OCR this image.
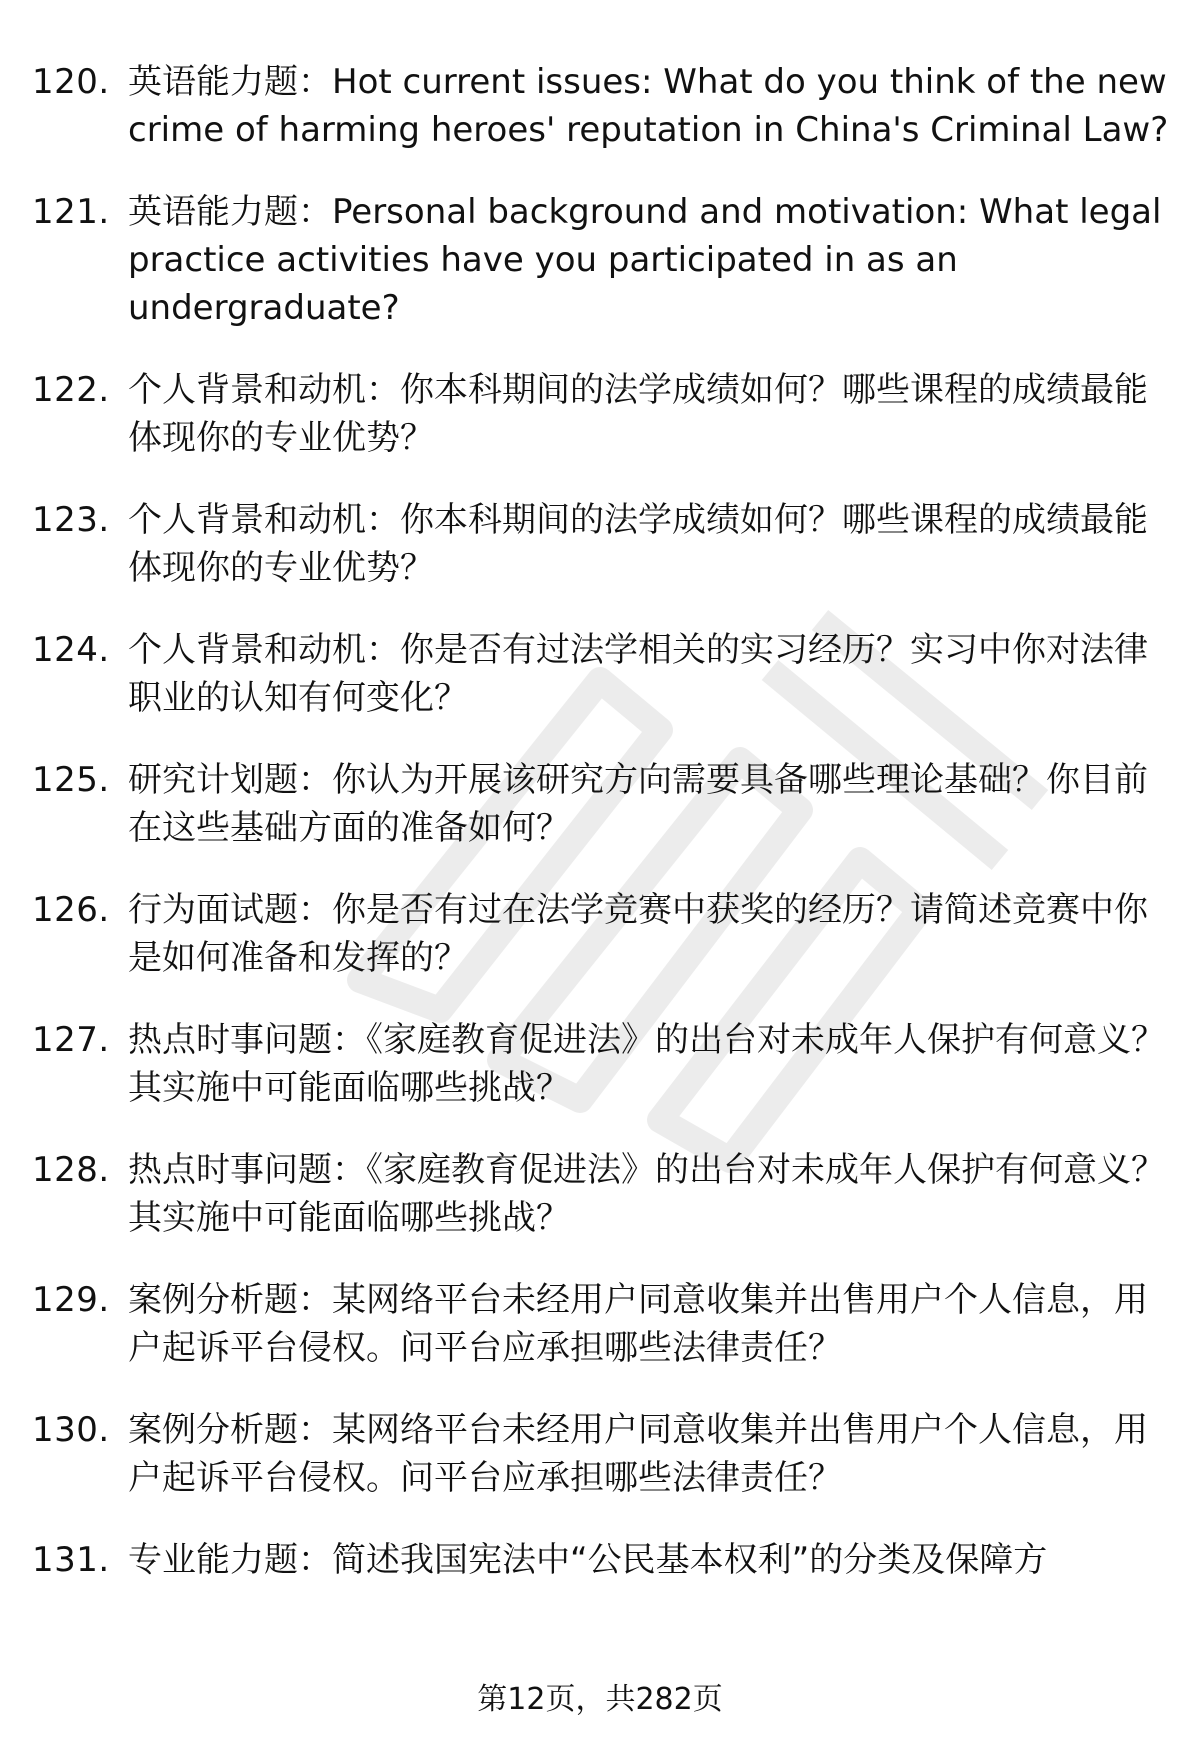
120. 英语能力题：Hot current issues: What do you think of the new crime of harming heroes' reputation in China's Criminal Law?
121. 英语能力题：Personal background and motivation: What legal practice activities have you participated in as an undergraduate?
122. 个人背景和动机：你本科期间的法学成绩如何？哪些课程的成绩最能体现你的专业优势？
123. 个人背景和动机：你本科期间的法学成绩如何？哪些课程的成绩最能体现你的专业优势？
124. 个人背景和动机：你是否有过法学相关的实习经历？实习中你对法律职业的认知有何变化？
125. 研究计划题：你认为开展该研究方向需要具备哪些理论基础？你目前在这些基础方面的准备如何？
126. 行为面试题：你是否有过在法学竞赛中获奖的经历？请简述竞赛中你是如何准备和发挥的？
127. 热点时事问题：《家庭教育促进法》的出台对未成年人保护有何意义？其实施中可能面临哪些挑战？
128. 热点时事问题：《家庭教育促进法》的出台对未成年人保护有何意义？其实施中可能面临哪些挑战？
129. 案例分析题：某网络平台未经用户同意收集并出售用户个人信息，用户起诉平台侵权。问平台应承担哪些法律责任？
130. 案例分析题：某网络平台未经用户同意收集并出售用户个人信息，用户起诉平台侵权。问平台应承担哪些法律责任？
131. 专业能力题：简述我国宪法中“公民基本权利”的分类及保障方
第12页，共282页
